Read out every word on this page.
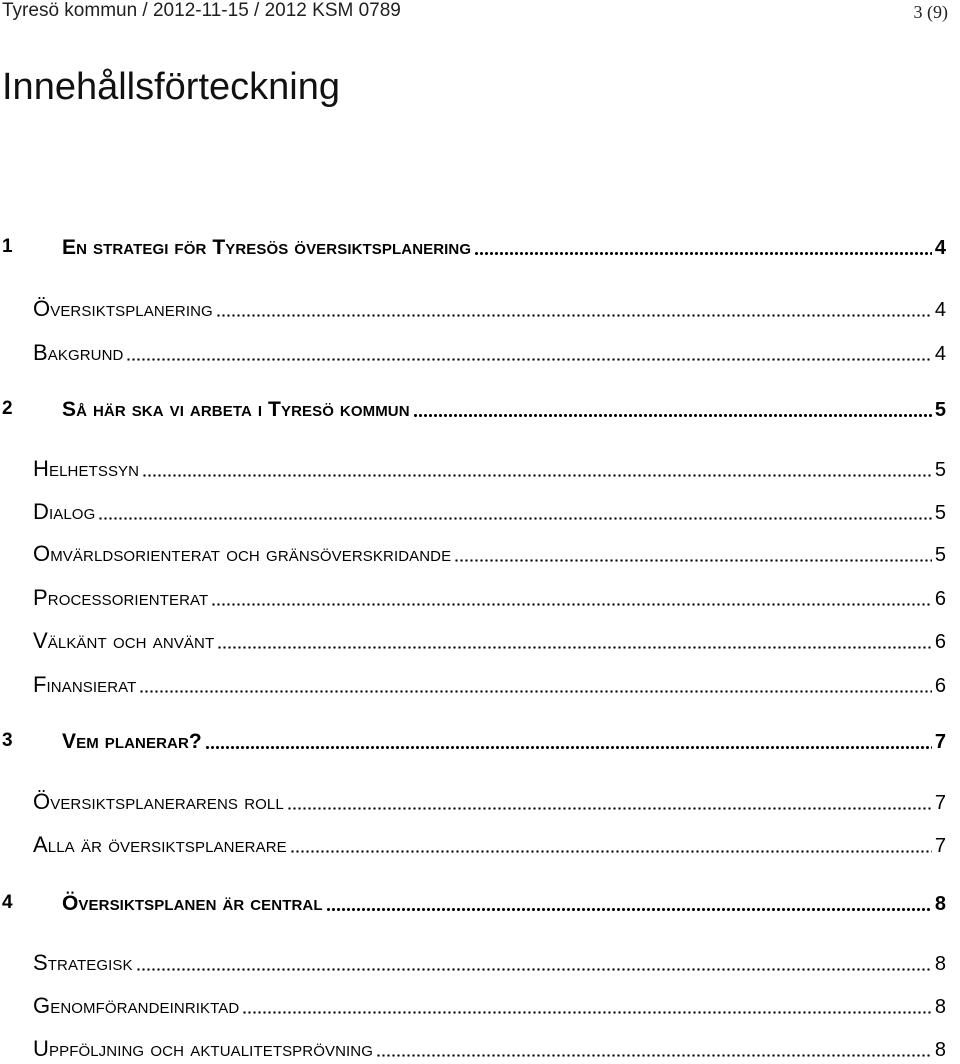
Tyresö kommun / 2012-11-15 / 2012 KSM 0789	3 (9)
Innehållsförteckning
1 En strategi för Tyresös översiktsplanering	4
Översiktsplanering	4
Bakgrund	4
2 Så här ska vi arbeta i Tyresö kommun	5
Helhetssyn	5
Dialog	5
Omvärldsorienterat och gränsöverskridande	5
Processorienterat	6
Välkänt och använt	6
Finansierat	6
3 Vem planerar?	7
Översiktsplanerarens roll	7
Alla är översiktsplanerare	7
4 Översiktsplanen är central	8
Strategisk	8
Genomförandeinriktad	8
Uppföljning och aktualitetsprövning	8
